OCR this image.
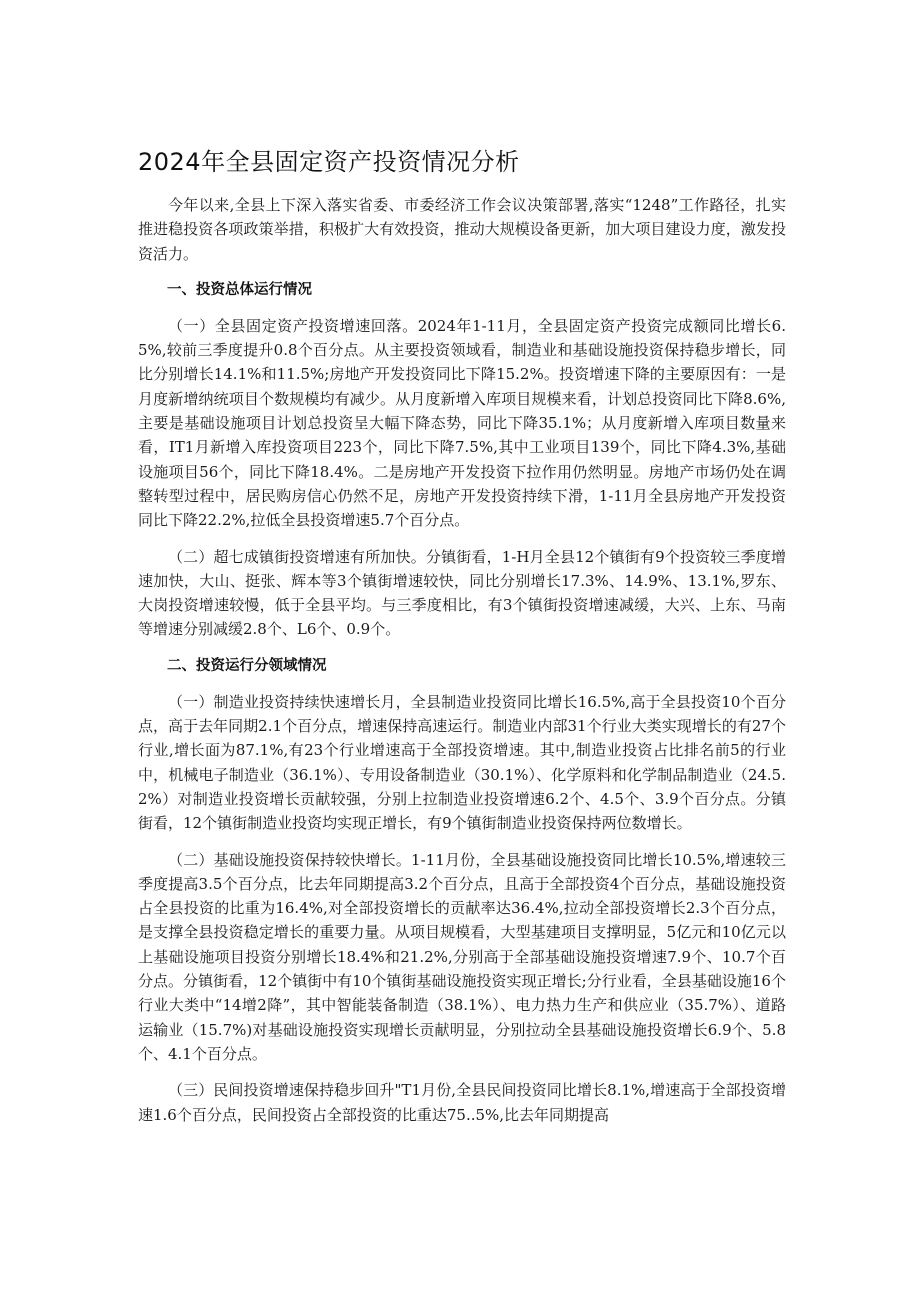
2024年全县固定资产投资情况分析

今年以来,全县上下深入落实省委、市委经济工作会议决策部署,落实“1248”工作路径，扎实推进稳投资各项政策举措，积极扩大有效投资，推动大规模设备更新，加大项目建设力度，激发投资活力。

一、投资总体运行情况

（一）全县固定资产投资增速回落。2024年1-11月，全县固定资产投资完成额同比增长6.5%,较前三季度提升0.8个百分点。从主要投资领域看，制造业和基础设施投资保持稳步增长，同比分别增长14.1%和11.5%;房地产开发投资同比下降15.2%。投资增速下降的主要原因有：一是月度新增纳统项目个数规模均有减少。从月度新增入库项目规模来看，计划总投资同比下降8.6%,主要是基础设施项目计划总投资呈大幅下降态势，同比下降35.1%；从月度新增入库项目数量来看，IT1月新增入库投资项目223个，同比下降7.5%,其中工业项目139个，同比下降4.3%,基础设施项目56个，同比下降18.4%。二是房地产开发投资下拉作用仍然明显。房地产市场仍处在调整转型过程中，居民购房信心仍然不足，房地产开发投资持续下滑，1-11月全县房地产开发投资同比下降22.2%,拉低全县投资增速5.7个百分点。

（二）超七成镇街投资增速有所加快。分镇街看，1-H月全县12个镇街有9个投资较三季度增速加快，大山、挺张、辉本等3个镇街增速较快，同比分别增长17.3%、14.9%、13.1%,罗东、大岗投资增速较慢，低于全县平均。与三季度相比，有3个镇街投资增速减缓，大兴、上东、马南等增速分别减缓2.8个、L6个、0.9个。

二、投资运行分领域情况

（一）制造业投资持续快速增长月，全县制造业投资同比增长16.5%,高于全县投资10个百分点，高于去年同期2.1个百分点，增速保持高速运行。制造业内部31个行业大类实现增长的有27个行业,增长面为87.1%,有23个行业增速高于全部投资增速。其中,制造业投资占比排名前5的行业中，机械电子制造业（36.1%）、专用设备制造业（30.1%）、化学原料和化学制品制造业（24.5.2%）对制造业投资增长贡献较强，分别上拉制造业投资增速6.2个、4.5个、3.9个百分点。分镇街看，12个镇街制造业投资均实现正增长，有9个镇街制造业投资保持两位数增长。

（二）基础设施投资保持较快增长。1-11月份，全县基础设施投资同比增长10.5%,增速较三季度提高3.5个百分点，比去年同期提高3.2个百分点，且高于全部投资4个百分点，基础设施投资占全县投资的比重为16.4%,对全部投资增长的贡献率达36.4%,拉动全部投资增长2.3个百分点，是支撑全县投资稳定增长的重要力量。从项目规模看，大型基建项目支撑明显，5亿元和10亿元以上基础设施项目投资分别增长18.4%和21.2%,分别高于全部基础设施投资增速7.9个、10.7个百分点。分镇街看，12个镇街中有10个镇街基础设施投资实现正增长;分行业看，全县基础设施16个行业大类中“14增2降”，其中智能装备制造（38.1%）、电力热力生产和供应业（35.7%）、道路运输业（15.7%)对基础设施投资实现增长贡献明显，分别拉动全县基础设施投资增长6.9个、5.8个、4.1个百分点。

（三）民间投资增速保持稳步回升"T1月份,全县民间投资同比增长8.1%,增速高于全部投资增速1.6个百分点，民间投资占全部投资的比重达75..5%,比去年同期提高
